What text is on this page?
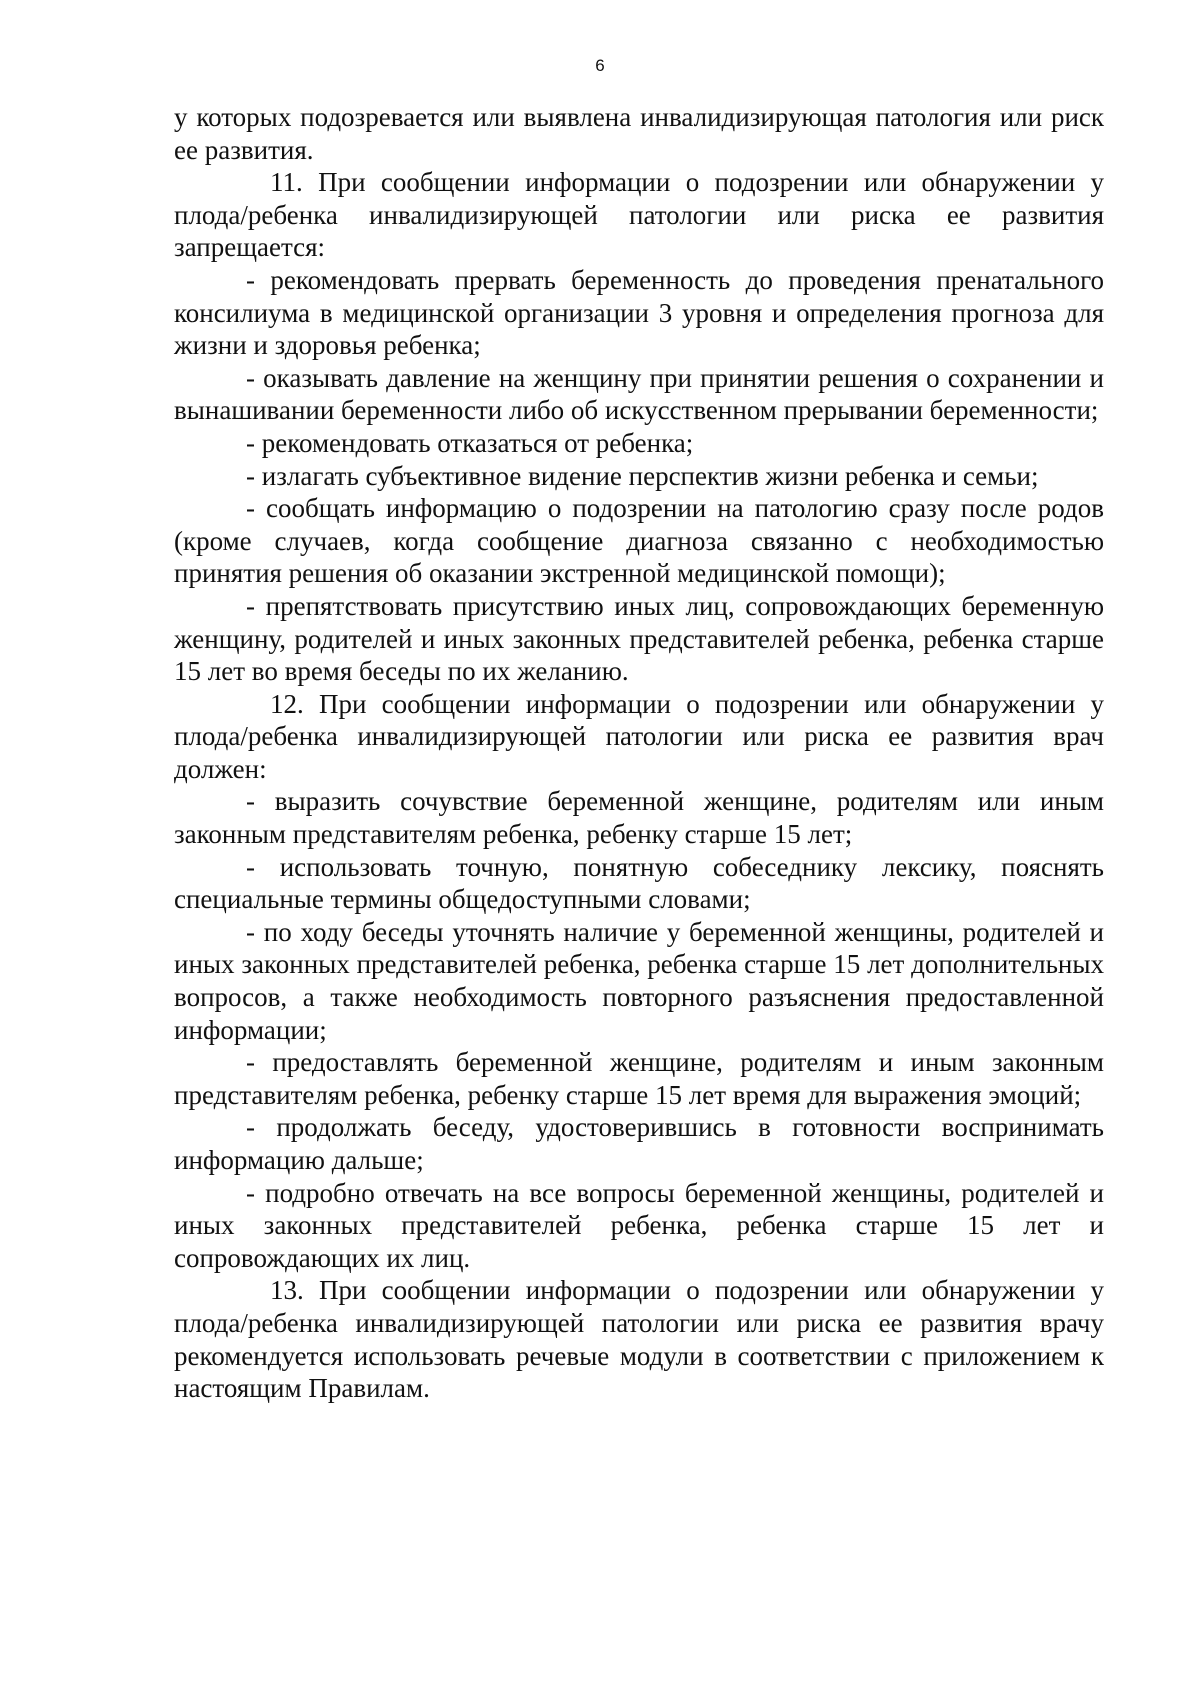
6

у которых подозревается или выявлена инвалидизирующая патология или риск ее развития.

11. При сообщении информации о подозрении или обнаружении у плода/ребенка инвалидизирующей патологии или риска ее развития запрещается:

- рекомендовать прервать беременность до проведения пренатального консилиума в медицинской организации 3 уровня и определения прогноза для жизни и здоровья ребенка;

- оказывать давление на женщину при принятии решения о сохранении и вынашивании беременности либо об искусственном прерывании беременности;

- рекомендовать отказаться от ребенка;

- излагать субъективное видение перспектив жизни ребенка и семьи;

- сообщать информацию о подозрении на патологию сразу после родов (кроме случаев, когда сообщение диагноза связанно с необходимостью принятия решения об оказании экстренной медицинской помощи);

- препятствовать присутствию иных лиц, сопровождающих беременную женщину, родителей и иных законных представителей ребенка, ребенка старше 15 лет во время беседы по их желанию.

12. При сообщении информации о подозрении или обнаружении у плода/ребенка инвалидизирующей патологии или риска ее развития врач должен:

- выразить сочувствие беременной женщине, родителям или иным законным представителям ребенка, ребенку старше 15 лет;

- использовать точную, понятную собеседнику лексику, пояснять специальные термины общедоступными словами;

- по ходу беседы уточнять наличие у беременной женщины, родителей и иных законных представителей ребенка, ребенка старше 15 лет дополнительных вопросов, а также необходимость повторного разъяснения предоставленной информации;

- предоставлять беременной женщине, родителям и иным законным представителям ребенка, ребенку старше 15 лет время для выражения эмоций;

- продолжать беседу, удостоверившись в готовности воспринимать информацию дальше;

- подробно отвечать на все вопросы беременной женщины, родителей и иных законных представителей ребенка, ребенка старше 15 лет и сопровождающих их лиц.

13. При сообщении информации о подозрении или обнаружении у плода/ребенка инвалидизирующей патологии или риска ее развития врачу рекомендуется использовать речевые модули в соответствии с приложением к настоящим Правилам.
